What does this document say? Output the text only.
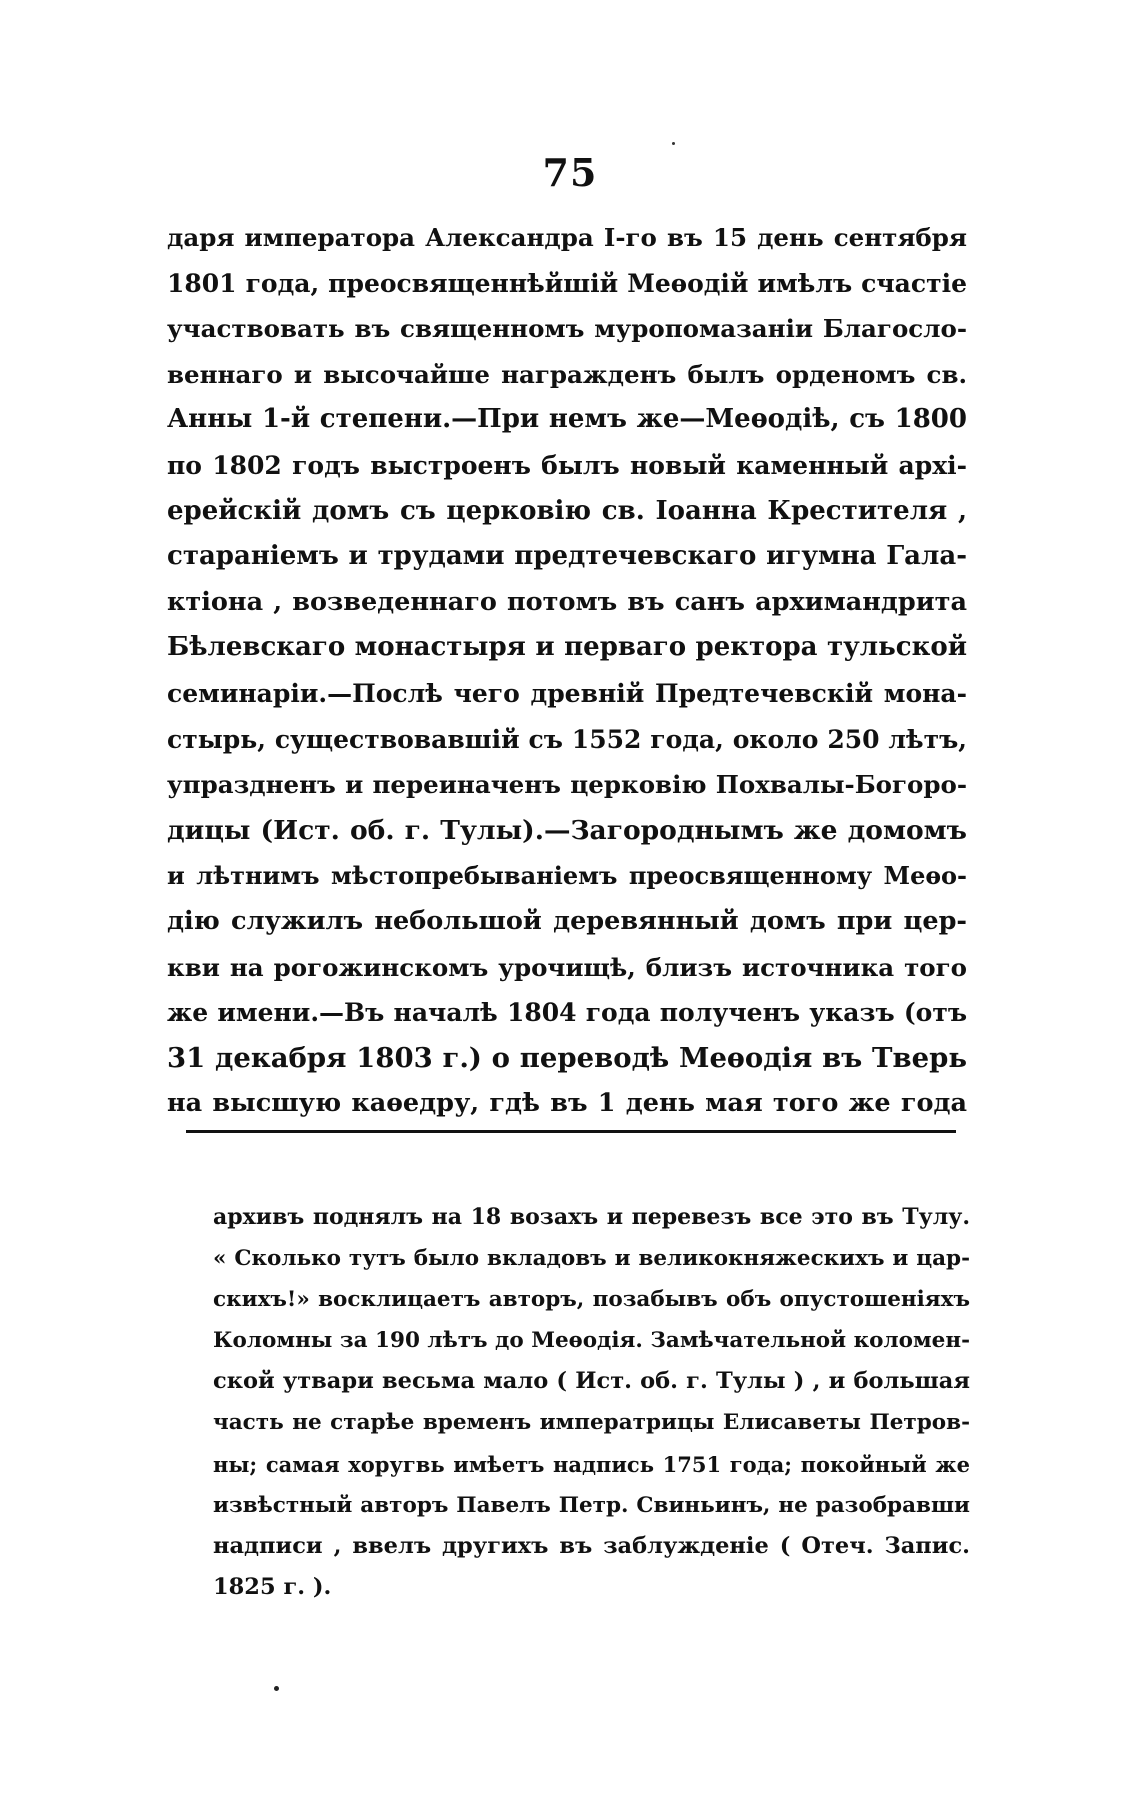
75
даря императора Александра I-го въ 15 день сентября
1801 года, преосвященнѣйшій Меѳодій имѣлъ счастіе
участвовать въ священномъ муропомазаніи Благосло-
веннаго и высочайше награжденъ былъ орденомъ св.
Анны 1-й степени.—При немъ же—Меѳодіѣ, съ 1800
по 1802 годъ выстроенъ былъ новый каменный архі-
ерейскій домъ съ церковію св. Іоанна Крестителя ,
стараніемъ и трудами предтечевскаго игумна Гала-
ктіона , возведеннаго потомъ въ санъ архимандрита
Бѣлевскаго монастыря и перваго ректора тульской
семинаріи.—Послѣ чего древній Предтечевскій мона-
стырь, существовавшій съ 1552 года, около 250 лѣтъ,
упраздненъ и переиначенъ церковію Похвалы-Богоро-
дицы (Ист. об. г. Тулы).—Загороднымъ же домомъ
и лѣтнимъ мѣстопребываніемъ преосвященному Меѳо-
дію служилъ небольшой деревянный домъ при цер-
кви на рогожинскомъ урочищѣ, близъ источника того
же имени.—Въ началѣ 1804 года полученъ указъ (отъ
31 декабря 1803 г.) о переводѣ Меѳодія въ Тверь
на высшую каѳедру, гдѣ въ 1 день мая того же года
архивъ поднялъ на 18 возахъ и перевезъ все это въ Тулу.
« Сколько тутъ было вкладовъ и великокняжескихъ и цар-
скихъ!» восклицаетъ авторъ, позабывъ объ опустошеніяхъ
Коломны за 190 лѣтъ до Меѳодія. Замѣчательной коломен-
ской утвари весьма мало ( Ист. об. г. Тулы ) , и большая
часть не старѣе временъ императрицы Елисаветы Петров-
ны; самая хоругвь имѣетъ надпись 1751 года; покойный же
извѣстный авторъ Павелъ Петр. Свиньинъ, не разобравши
надписи , ввелъ другихъ въ заблужденіе ( Отеч. Запис.
1825 г. ).
